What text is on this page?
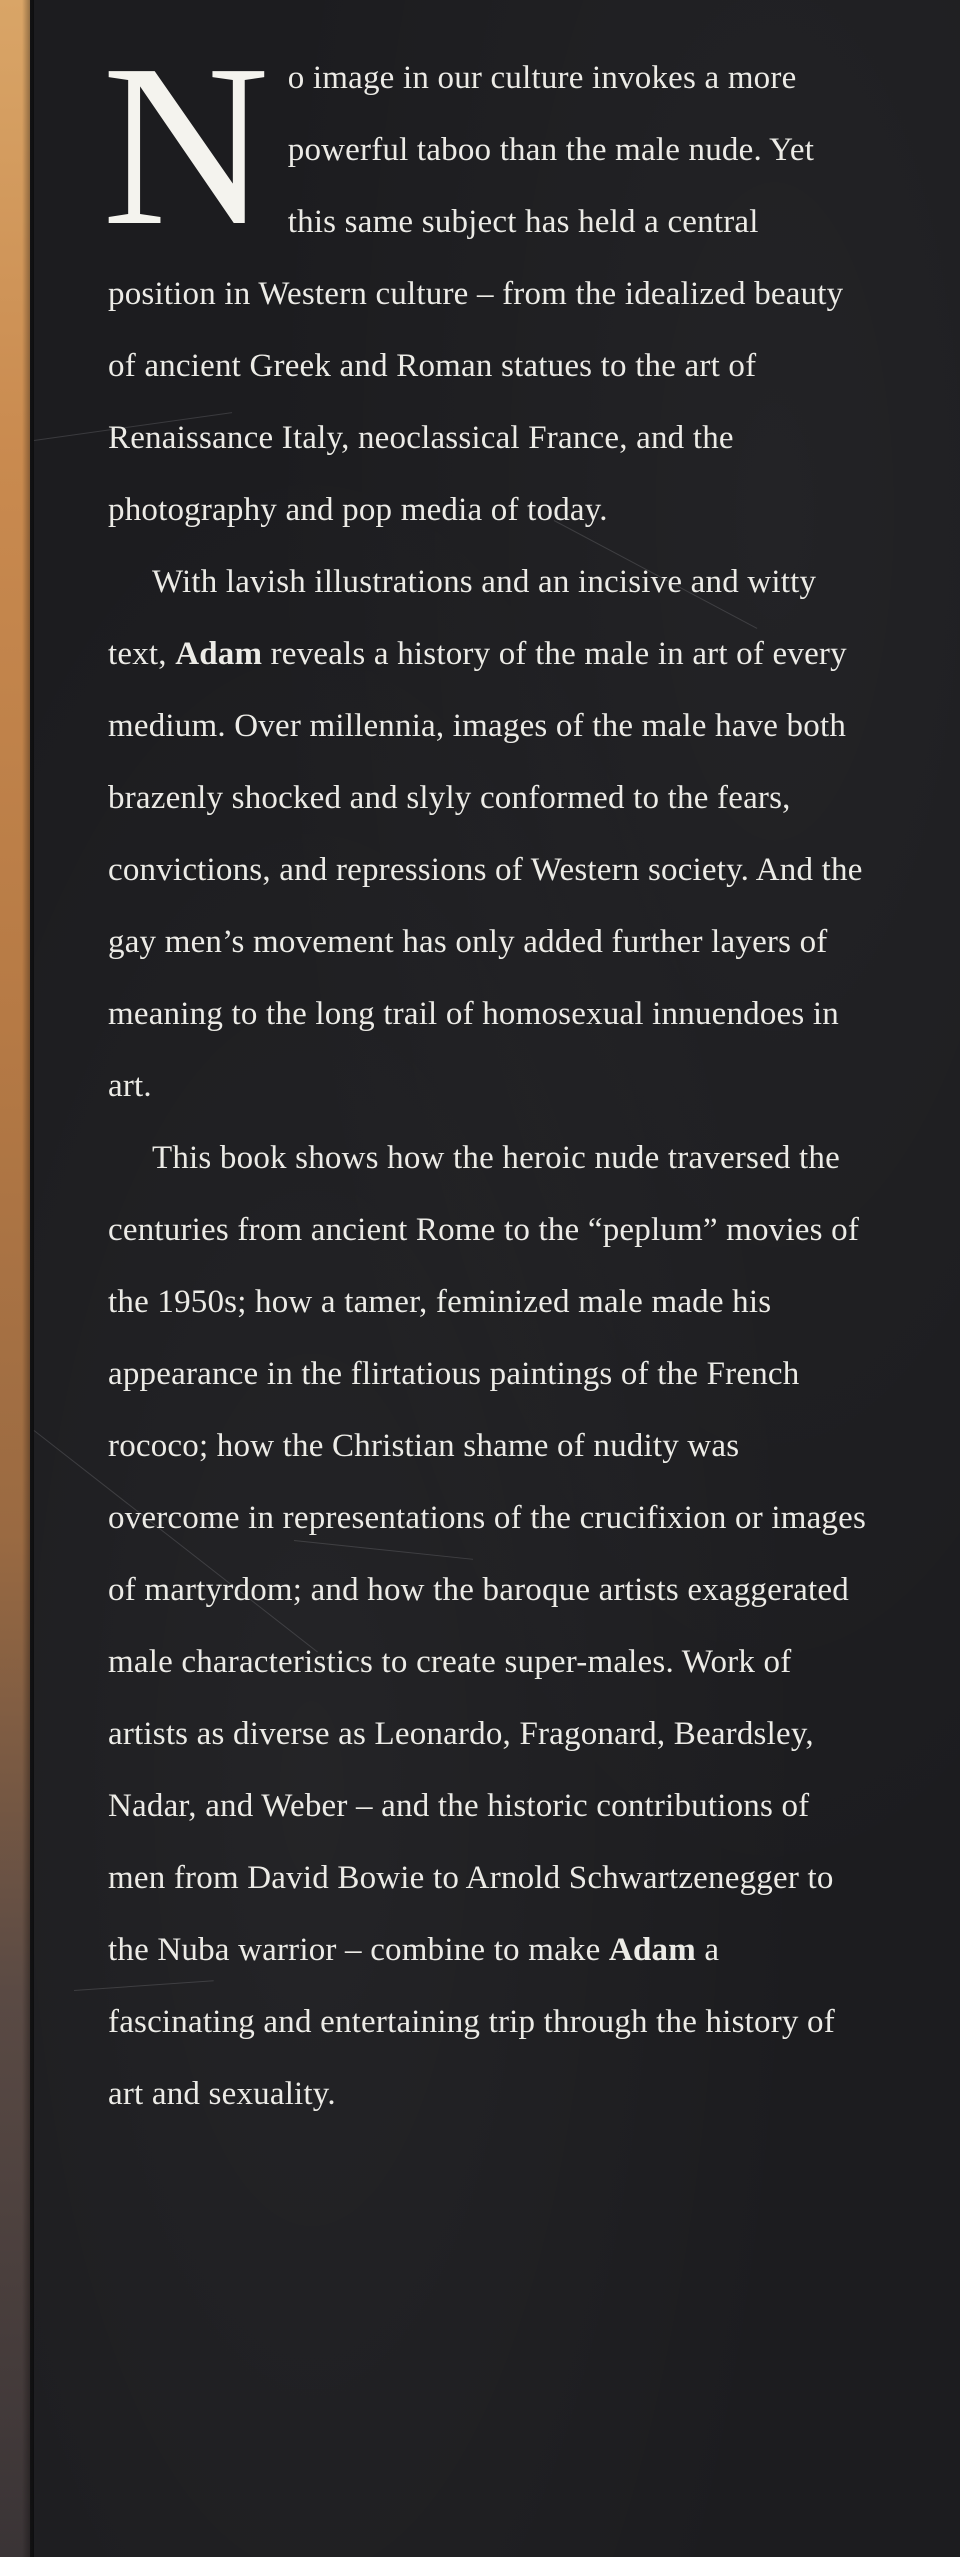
No image in our culture invokes a more powerful taboo than the male nude. Yet this same subject has held a central position in Western culture – from the idealized beauty of ancient Greek and Roman statues to the art of Renaissance Italy, neoclassical France, and the photography and pop media of today.

With lavish illustrations and an incisive and witty text, Adam reveals a history of the male in art of every medium. Over millennia, images of the male have both brazenly shocked and slyly conformed to the fears, convictions, and repressions of Western society. And the gay men’s movement has only added further layers of meaning to the long trail of homosexual innuendoes in art.

This book shows how the heroic nude traversed the centuries from ancient Rome to the “peplum” movies of the 1950s; how a tamer, feminized male made his appearance in the flirtatious paintings of the French rococo; how the Christian shame of nudity was overcome in representations of the crucifixion or images of martyrdom; and how the baroque artists exaggerated male characteristics to create super-males. Work of artists as diverse as Leonardo, Fragonard, Beardsley, Nadar, and Weber – and the historic contributions of men from David Bowie to Arnold Schwartzenegger to the Nuba warrior – combine to make Adam a fascinating and entertaining trip through the history of art and sexuality.
